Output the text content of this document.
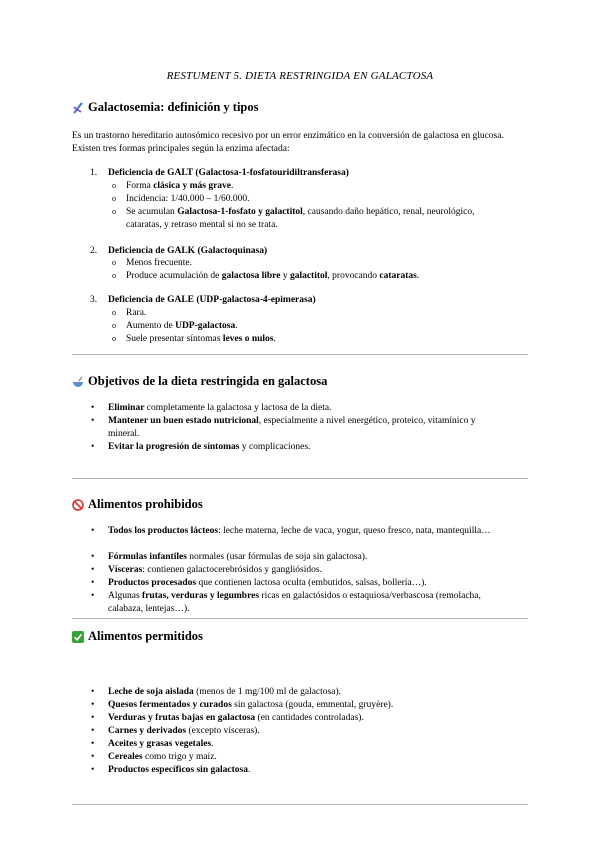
RESTUMENT 5. DIETA RESTRINGIDA EN GALACTOSA
Galactosemia: definición y tipos

Es un trastorno hereditario autosómico recesivo por un error enzimático en la conversión de galactosa en glucosa. Existen tres formas principales según la enzima afectada:

1. Deficiencia de GALT (Galactosa-1-fosfatouridiltransferasa)
o Forma clásica y más grave.
o Incidencia: 1/40.000 – 1/60.000.
o Se acumulan Galactosa-1-fosfato y galactitol, causando daño hepático, renal, neurológico, cataratas, y retraso mental si no se trata.
2. Deficiencia de GALK (Galactoquinasa)
o Menos frecuente.
o Produce acumulación de galactosa libre y galactitol, provocando cataratas.
3. Deficiencia de GALE (UDP-galactosa-4-epimerasa)
o Rara.
o Aumento de UDP-galactosa.
o Suele presentar síntomas leves o nulos.
Objetivos de la dieta restringida en galactosa
• Eliminar completamente la galactosa y lactosa de la dieta.
• Mantener un buen estado nutricional, especialmente a nivel energético, proteico, vitamínico y mineral.
• Evitar la progresión de síntomas y complicaciones.
Alimentos prohibidos
• Todos los productos lácteos: leche materna, leche de vaca, yogur, queso fresco, nata, mantequilla…
• Fórmulas infantiles normales (usar fórmulas de soja sin galactosa).
• Vísceras: contienen galactocerebrósidos y gangliósidos.
• Productos procesados que contienen lactosa oculta (embutidos, salsas, bollería…).
• Algunas frutas, verduras y legumbres ricas en galactósidos o estaquiosa/verbascosa (remolacha, calabaza, lentejas…).
Alimentos permitidos
• Leche de soja aislada (menos de 1 mg/100 ml de galactosa).
• Quesos fermentados y curados sin galactosa (gouda, emmental, gruyère).
• Verduras y frutas bajas en galactosa (en cantidades controladas).
• Carnes y derivados (excepto vísceras).
• Aceites y grasas vegetales.
• Cereales como trigo y maíz.
• Productos específicos sin galactosa.
